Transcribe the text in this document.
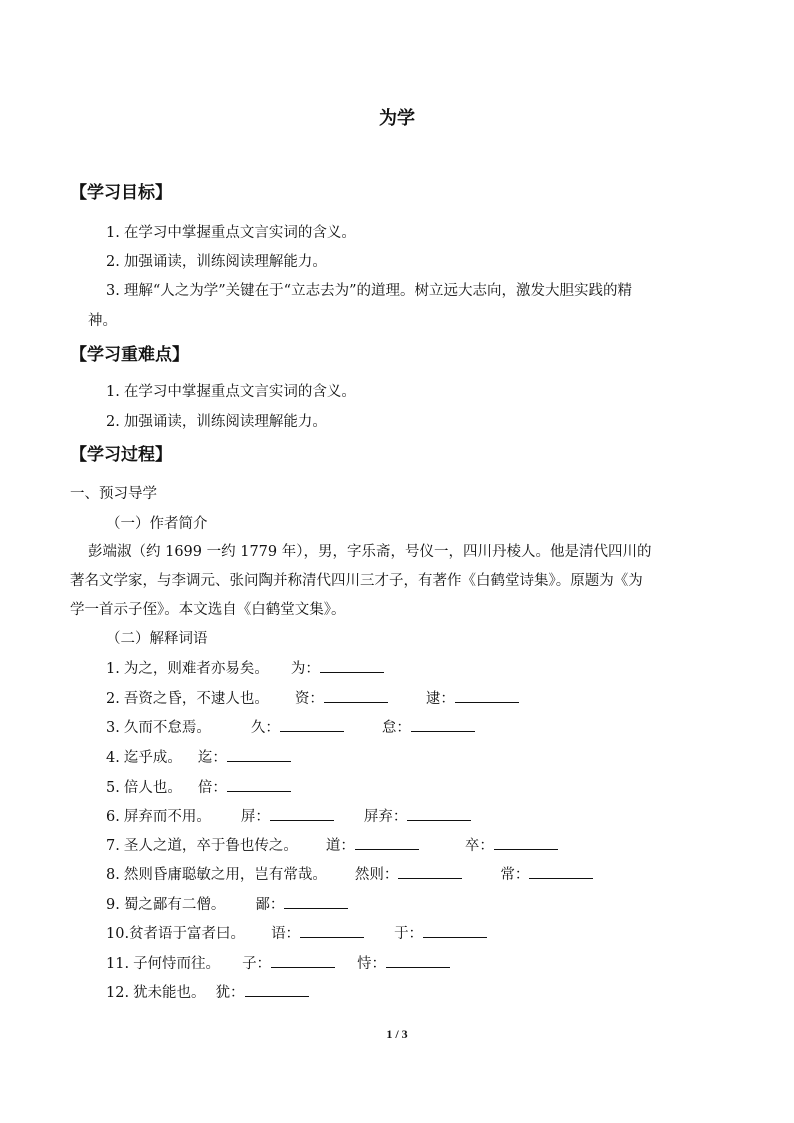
为学
【学习目标】
1. 在学习中掌握重点文言实词的含义。
2. 加强诵读，训练阅读理解能力。
3. 理解“人之为学”关键在于“立志去为”的道理。树立远大志向，激发大胆实践的精
神。
【学习重难点】
1. 在学习中掌握重点文言实词的含义。
2. 加强诵读，训练阅读理解能力。
【学习过程】
一、预习导学
（一）作者简介
彭端淑（约 1699 一约 1779 年），男，字乐斋，号仪一，四川丹棱人。他是清代四川的
著名文学家，与李调元、张问陶并称清代四川三才子，有著作《白鹤堂诗集》。原题为《为
学一首示子侄》。本文选自《白鹤堂文集》。
（二）解释词语
1. 为之，则难者亦易矣。 为：
2. 吾资之昏，不逮人也。 资：	逮：
3. 久而不怠焉。	久：	怠：
4. 迄乎成。 迄：
5. 倍人也。 倍：
6. 屏弃而不用。 屏：	屏弃：
7. 圣人之道，卒于鲁也传之。 道：	卒：
8. 然则昏庸聪敏之用，岂有常哉。 然则：	常：
9. 蜀之鄙有二僧。 鄙：
10.贫者语于富者曰。 语：	于：
11. 子何恃而往。 子：	恃：
12. 犹未能也。 犹：
1 / 3
